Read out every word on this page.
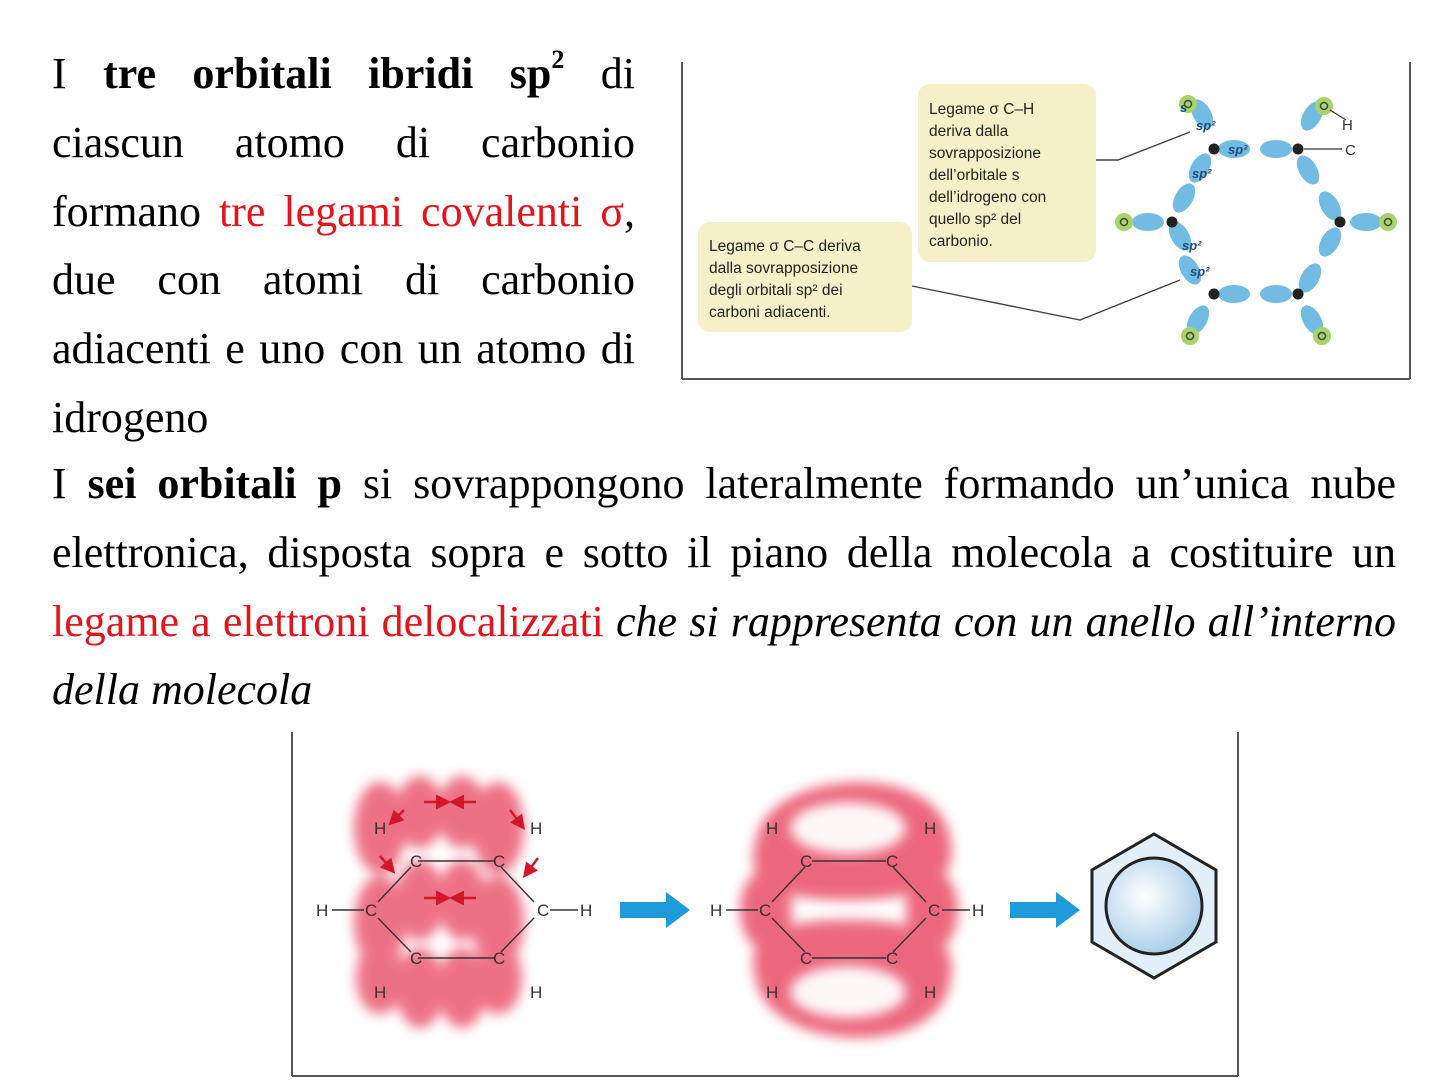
I tre orbitali ibridi $sp^2$ di ciascun atomo di carbonio formano tre legami covalenti σ, due con atomi di carbonio adiacenti e uno con un atomo di idrogeno

I sei orbitali p si sovrappongono lateralmente formando un’unica nube elettronica, disposta sopra e sotto il piano della molecola a costituire un legame a elettroni delocalizzati che si rappresenta con un anello all’interno della molecola

Legame σ C–H
deriva dalla
sovrapposizione
dell’orbitale s
dell’idrogeno con
quello sp² del
carbonio.
Legame σ C–C deriva
dalla sovrapposizione
degli orbitali sp² dei
carboni adiacenti.
s
sp²
sp²
sp²
sp²
sp²
H
C
C	C
C	C
C	C
H	H
H	H
H	H
C	C
C	C
C	C
H	H
H	H
H	H
